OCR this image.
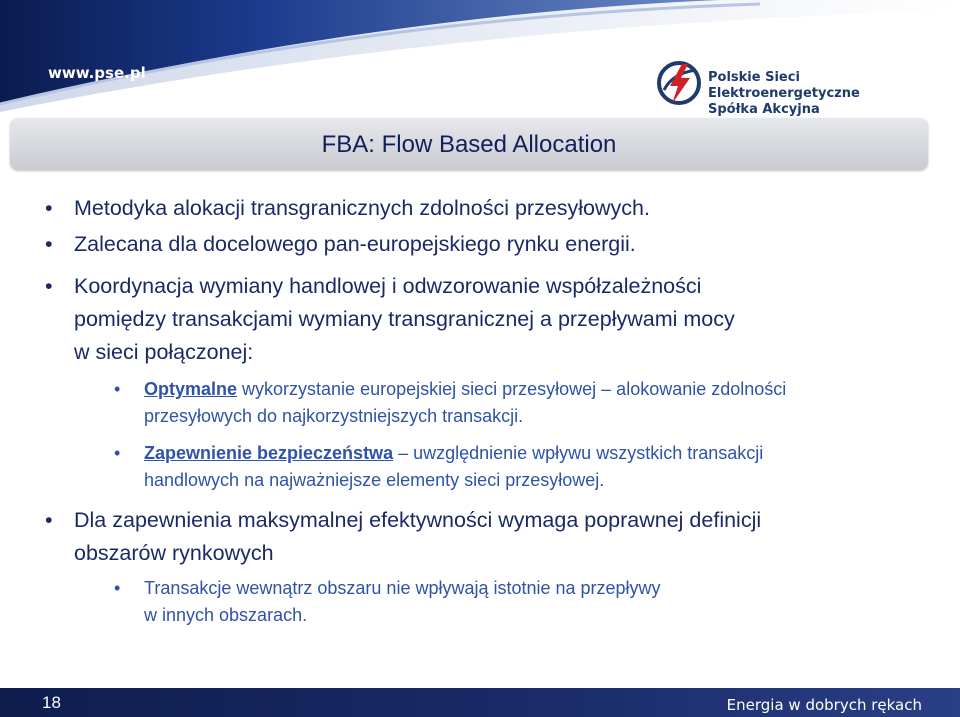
www.pse.pl	Polskie Sieci Elektroenergetyczne
Spółka Akcyjna
FBA: Flow Based Allocation
• Metodyka alokacji transgranicznych zdolności przesyłowych.
• Zalecana dla docelowego pan-europejskiego rynku energii.
• Koordynacja wymiany handlowej i odwzorowanie współzależności
pomiędzy transakcjami wymiany transgranicznej a przepływami mocy
w sieci połączonej:
• Optymalne wykorzystanie europejskiej sieci przesyłowej – alokowanie zdolności
przesyłowych do najkorzystniejszych transakcji.
• Zapewnienie bezpieczeństwa – uwzględnienie wpływu wszystkich transakcji
handlowych na najważniejsze elementy sieci przesyłowej.
• Dla zapewnienia maksymalnej efektywności wymaga poprawnej definicji
obszarów rynkowych
• Transakcje wewnątrz obszaru nie wpływają istotnie na przepływy
w innych obszarach.
18	Energia w dobrych rękach
